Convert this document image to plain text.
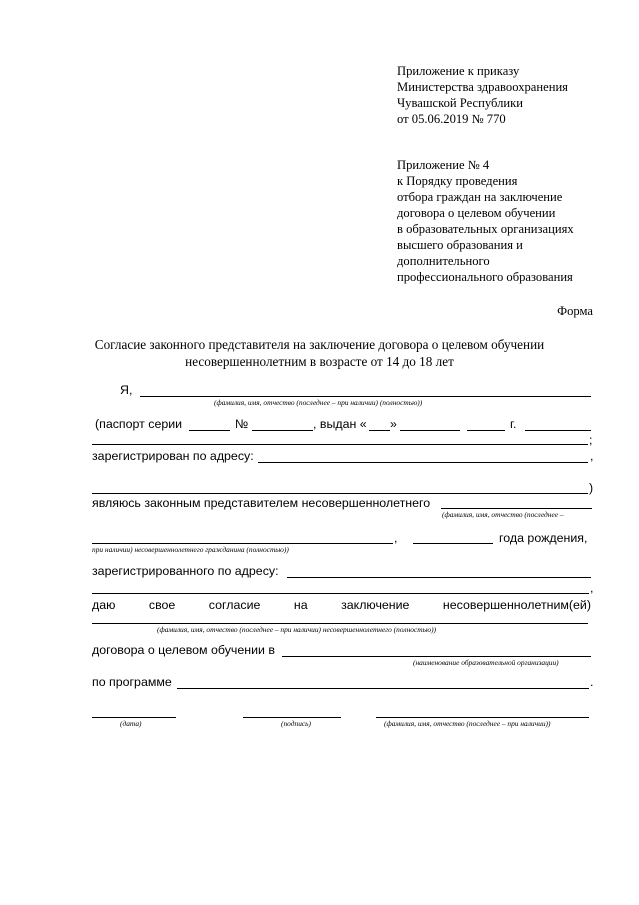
Приложение к приказу
Министерства здравоохранения
Чувашской Республики
от 05.06.2019 № 770
Приложение № 4
к Порядку проведения
отбора граждан на заключение
договора о целевом обучении
в образовательных организациях
высшего образования и
дополнительного
профессионального образования
Форма
Согласие законного представителя на заключение договора о целевом обучении
несовершеннолетним в возрасте от 14 до 18 лет
Я,
(фамилия, имя, отчество (последнее – при наличии) (полностью))
(паспорт серии	№	, выдан « »	г.
;
зарегистрирован по адресу:	,
)
являюсь законным представителем несовершеннолетнего
(фамилия, имя, отчество (последнее –
,	года рождения,
при наличии) несовершеннолетнего гражданина (полностью))
зарегистрированного по адресу:
,
даю	свое	согласие	на	заключение	несовершеннолетним(ей)
(фамилия, имя, отчество (последнее – при наличии) несовершеннолетнего (полностью))
договора о целевом обучении в
(наименование образовательной организации)
по программе	.
(дата)	(подпись)	(фамилия, имя, отчество (последнее – при наличии))
